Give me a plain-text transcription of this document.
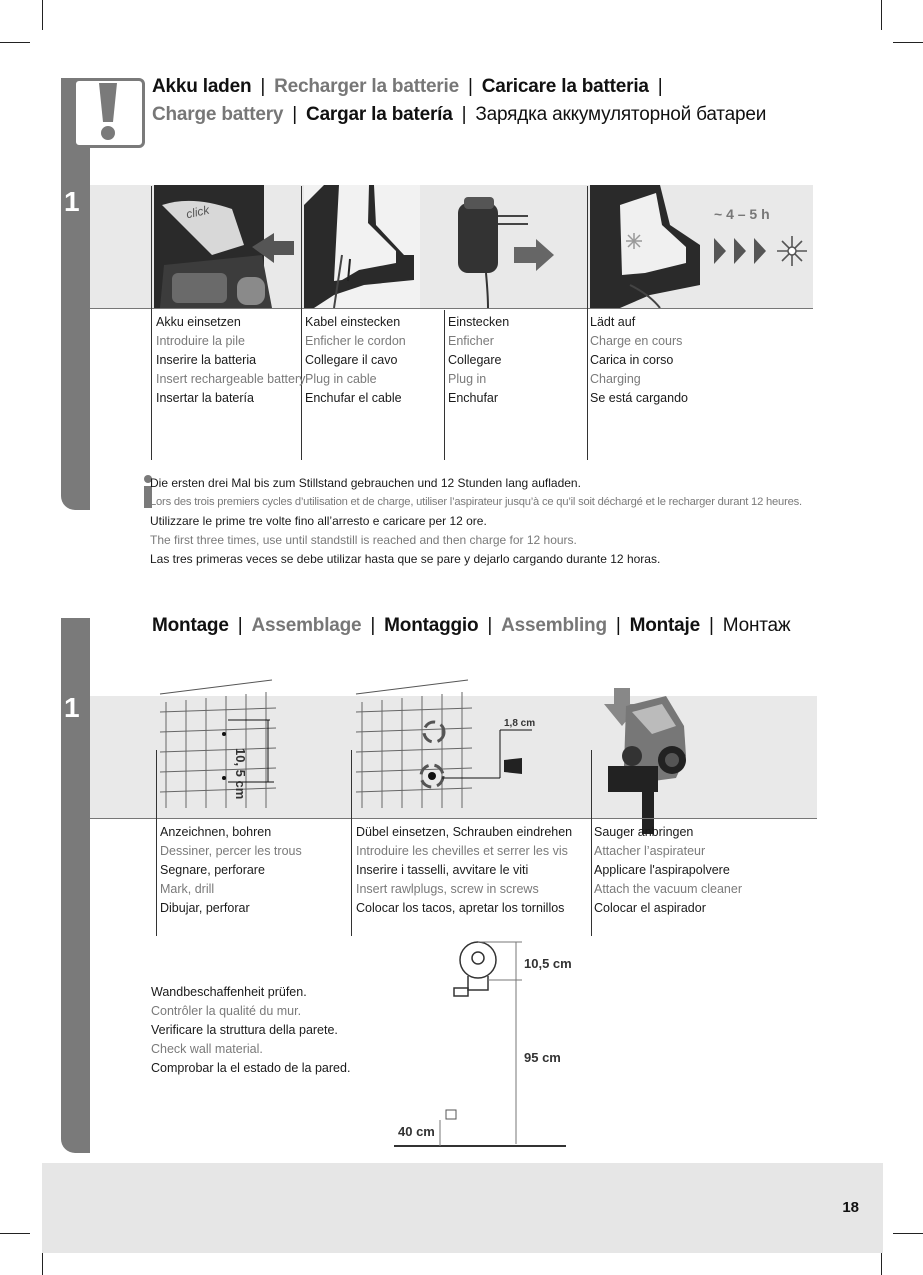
Akku laden | Recharger la batterie | Caricare la batteria |
Charge battery | Cargar la batería | Зарядка аккумуляторной батареи
1	click	~ 4 – 5 h
Akku einsetzen
Introduire la pile
Inserire la batteria
Insert rechargeable battery
Insertar la batería
Kabel einstecken
Enficher le cordon
Collegare il cavo
Plug in cable
Enchufar el cable
Einstecken
Enficher
Collegare
Plug in
Enchufar
Lädt auf
Charge en cours
Carica in corso
Charging
Se está cargando
Die ersten drei Mal bis zum Stillstand gebrauchen und 12 Stunden lang aufladen.
Lors des trois premiers cycles d’utilisation et de charge, utiliser l’aspirateur jusqu’à ce qu’il soit déchargé et le recharger durant 12 heures.
Utilizzare le prime tre volte fino all’arresto e caricare per 12 ore.
The first three times, use until standstill is reached and then charge for 12 hours.
Las tres primeras veces se debe utilizar hasta que se pare y dejarlo cargando durante 12 horas.
Montage | Assemblage | Montaggio | Assembling | Montaje | Монтаж
1
10, 5 cm
1,8 cm
Anzeichnen, bohren
Dessiner, percer les trous
Segnare, perforare
Mark, drill
Dibujar, perforar
Dübel einsetzen, Schrauben eindrehen
Introduire les chevilles et serrer les vis
Inserire i tasselli, avvitare le viti
Insert rawlplugs, screw in screws
Colocar los tacos, apretar los tornillos
Sauger anbringen
Attacher l’aspirateur
Applicare l'aspirapolvere
Attach the vacuum cleaner
Colocar el aspirador
Wandbeschaffenheit prüfen.
Contrôler la qualité du mur.
Verificare la struttura della parete.
Check wall material.
Comprobar la el estado de la pared.
10,5 cm
95 cm
40 cm
18
